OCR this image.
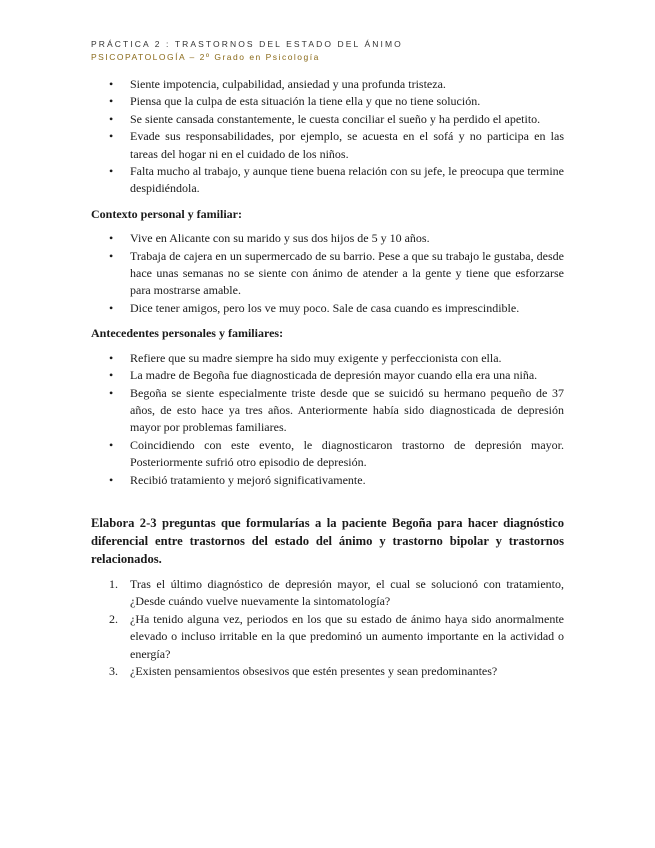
PRÁCTICA 2 : TRASTORNOS DEL ESTADO DEL ÁNIMO
PSICOPATOLOGÍA – 2º Grado en Psicología
• Siente impotencia, culpabilidad, ansiedad y una profunda tristeza.
• Piensa que la culpa de esta situación la tiene ella y que no tiene solución.
• Se siente cansada constantemente, le cuesta conciliar el sueño y ha perdido el apetito.
• Evade sus responsabilidades, por ejemplo, se acuesta en el sofá y no participa en las tareas del hogar ni en el cuidado de los niños.
• Falta mucho al trabajo, y aunque tiene buena relación con su jefe, le preocupa que termine despidiéndola.
Contexto personal y familiar:
• Vive en Alicante con su marido y sus dos hijos de 5 y 10 años.
• Trabaja de cajera en un supermercado de su barrio. Pese a que su trabajo le gustaba, desde hace unas semanas no se siente con ánimo de atender a la gente y tiene que esforzarse para mostrarse amable.
• Dice tener amigos, pero los ve muy poco. Sale de casa cuando es imprescindible.
Antecedentes personales y familiares:
• Refiere que su madre siempre ha sido muy exigente y perfeccionista con ella.
• La madre de Begoña fue diagnosticada de depresión mayor cuando ella era una niña.
• Begoña se siente especialmente triste desde que se suicidó su hermano pequeño de 37 años, de esto hace ya tres años. Anteriormente había sido diagnosticada de depresión mayor por problemas familiares.
• Coincidiendo con este evento, le diagnosticaron trastorno de depresión mayor. Posteriormente sufrió otro episodio de depresión.
• Recibió tratamiento y mejoró significativamente.
Elabora 2-3 preguntas que formularías a la paciente Begoña para hacer diagnóstico diferencial entre trastornos del estado del ánimo y trastorno bipolar y trastornos relacionados.
1. Tras el último diagnóstico de depresión mayor, el cual se solucionó con tratamiento, ¿Desde cuándo vuelve nuevamente la sintomatología?
2. ¿Ha tenido alguna vez, periodos en los que su estado de ánimo haya sido anormalmente elevado o incluso irritable en la que predominó un aumento importante en la actividad o energía?
3. ¿Existen pensamientos obsesivos que estén presentes y sean predominantes?
